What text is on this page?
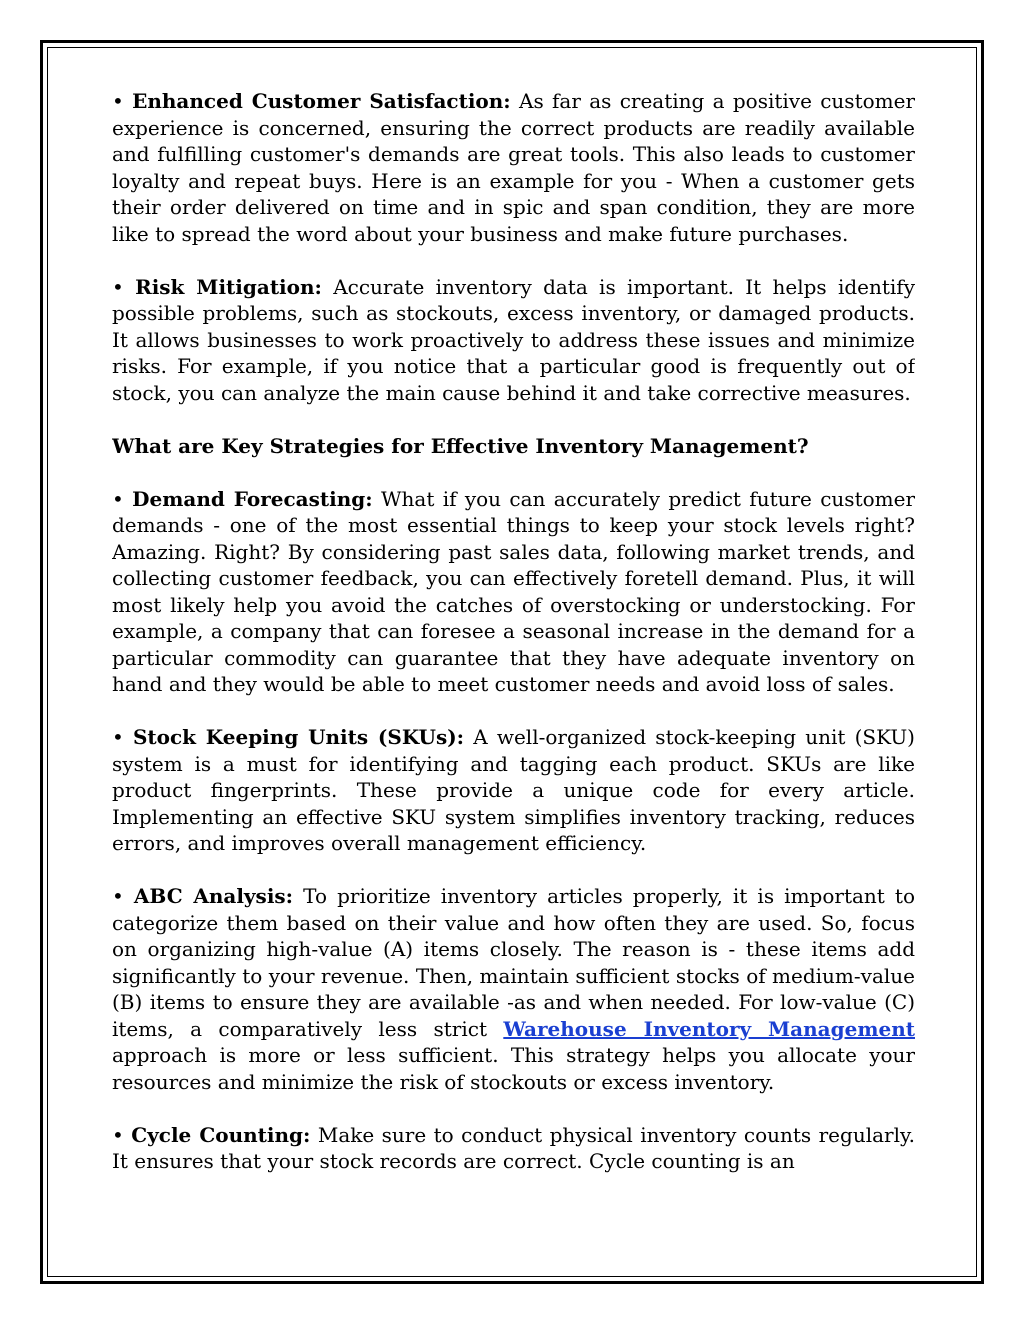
• Enhanced Customer Satisfaction: As far as creating a positive customer experience is concerned, ensuring the correct products are readily available and fulfilling customer's demands are great tools. This also leads to customer loyalty and repeat buys. Here is an example for you - When a customer gets their order delivered on time and in spic and span condition, they are more like to spread the word about your business and make future purchases.

• Risk Mitigation: Accurate inventory data is important. It helps identify possible problems, such as stockouts, excess inventory, or damaged products. It allows businesses to work proactively to address these issues and minimize risks. For example, if you notice that a particular good is frequently out of stock, you can analyze the main cause behind it and take corrective measures.

What are Key Strategies for Effective Inventory Management?

• Demand Forecasting: What if you can accurately predict future customer demands - one of the most essential things to keep your stock levels right? Amazing. Right? By considering past sales data, following market trends, and collecting customer feedback, you can effectively foretell demand. Plus, it will most likely help you avoid the catches of overstocking or understocking. For example, a company that can foresee a seasonal increase in the demand for a particular commodity can guarantee that they have adequate inventory on hand and they would be able to meet customer needs and avoid loss of sales.

• Stock Keeping Units (SKUs): A well-organized stock-keeping unit (SKU) system is a must for identifying and tagging each product. SKUs are like product fingerprints. These provide a unique code for every article. Implementing an effective SKU system simplifies inventory tracking, reduces errors, and improves overall management efficiency.

• ABC Analysis: To prioritize inventory articles properly, it is important to categorize them based on their value and how often they are used. So, focus on organizing high-value (A) items closely. The reason is - these items add significantly to your revenue. Then, maintain sufficient stocks of medium-value (B) items to ensure they are available -as and when needed. For low-value (C) items, a comparatively less strict Warehouse Inventory Management approach is more or less sufficient. This strategy helps you allocate your resources and minimize the risk of stockouts or excess inventory.

• Cycle Counting: Make sure to conduct physical inventory counts regularly. It ensures that your stock records are correct. Cycle counting is an
